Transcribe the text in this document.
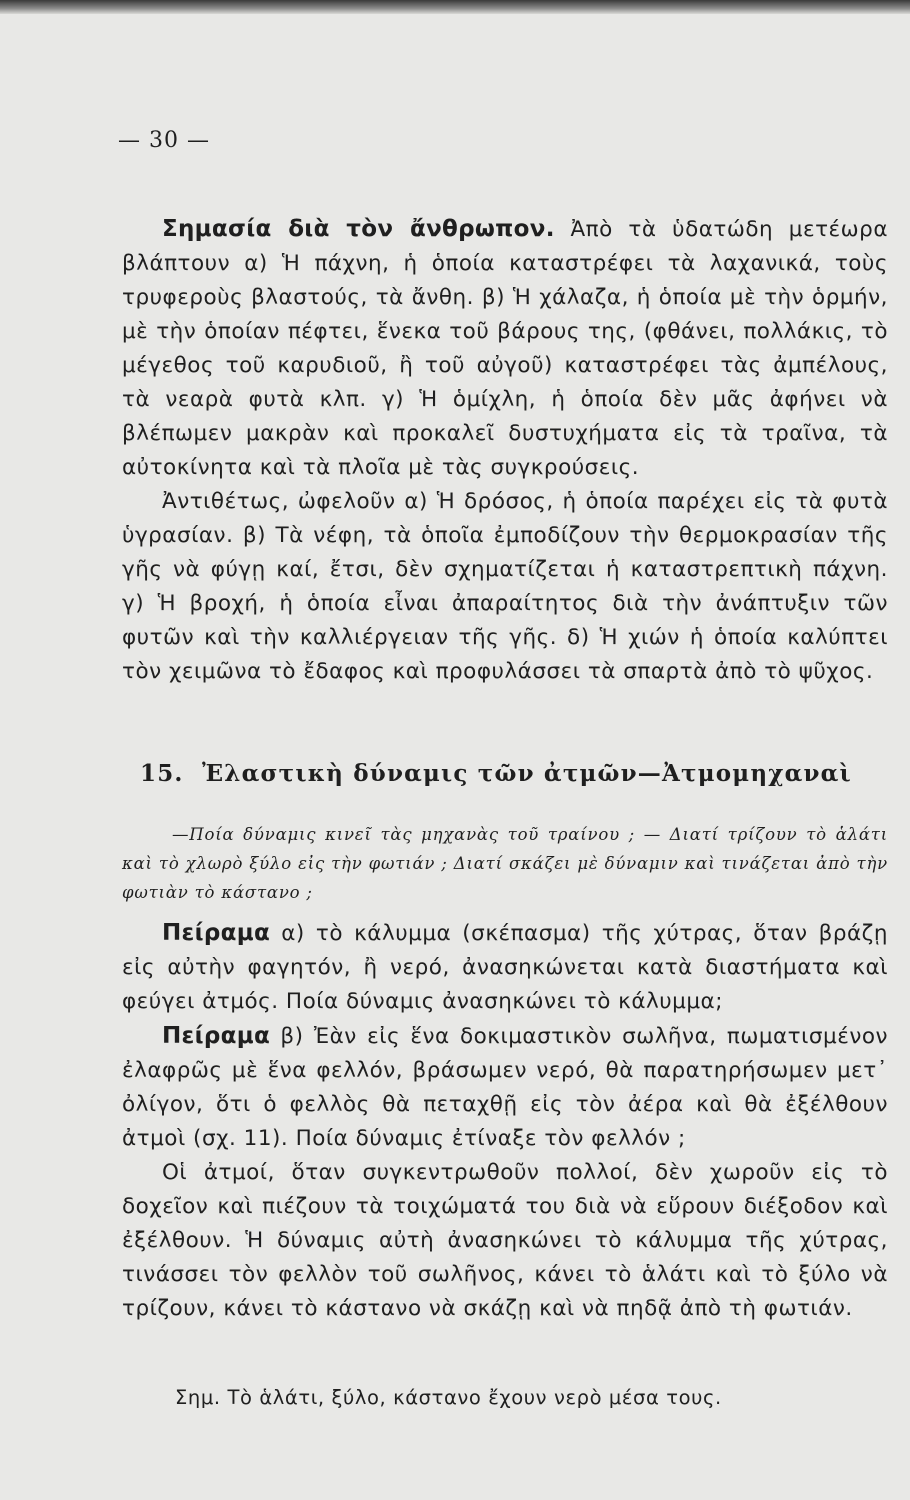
— 30 —

Σημασία διὰ τὸν ἄνθρωπον. Ἀπὸ τὰ ὑδατώδη μετέωρα βλάπτουν α) Ἡ πάχνη, ἡ ὁποία καταστρέφει τὰ λαχανικά, τοὺς τρυφεροὺς βλαστούς, τὰ ἄνθη. β) Ἡ χάλαζα, ἡ ὁποία μὲ τὴν ὁρμήν, μὲ τὴν ὁποίαν πέφτει, ἕνεκα τοῦ βάρους της, (φθάνει, πολλάκις, τὸ μέγεθος τοῦ καρυδιοῦ, ἢ τοῦ αὐγοῦ) καταστρέφει τὰς ἀμπέλους, τὰ νεαρὰ φυτὰ κλπ. γ) Ἡ ὁμίχλη, ἡ ὁποία δὲν μᾶς ἀφήνει νὰ βλέπωμεν μακρὰν καὶ προκαλεῖ δυστυχήματα εἰς τὰ τραῖνα, τὰ αὐτοκίνητα καὶ τὰ πλοῖα μὲ τὰς συγκρούσεις.

Ἀντιθέτως, ὠφελοῦν α) Ἡ δρόσος, ἡ ὁποία παρέχει εἰς τὰ φυτὰ ὑγρασίαν. β) Τὰ νέφη, τὰ ὁποῖα ἐμποδίζουν τὴν θερμοκρασίαν τῆς γῆς νὰ φύγῃ καί, ἔτσι, δὲν σχηματίζεται ἡ καταστρεπτικὴ πάχνη. γ) Ἡ βροχή, ἡ ὁποία εἶναι ἀπαραίτητος διὰ τὴν ἀνάπτυξιν τῶν φυτῶν καὶ τὴν καλλιέργειαν τῆς γῆς. δ) Ἡ χιών ἡ ὁποία καλύπτει τὸν χειμῶνα τὸ ἔδαφος καὶ προφυλάσσει τὰ σπαρτὰ ἀπὸ τὸ ψῦχος.

15. Ἐλαστικὴ δύναμις τῶν ἀτμῶν—Ἀτμομηχαναὶ

—Ποία δύναμις κινεῖ τὰς μηχανὰς τοῦ τραίνου ; — Διατί τρίζουν τὸ ἁλάτι καὶ τὸ χλωρὸ ξύλο εἰς τὴν φωτιάν ; Διατί σκάζει μὲ δύναμιν καὶ τινάζεται ἀπὸ τὴν φωτιὰν τὸ κάστανο ;

Πείραμα α) τὸ κάλυμμα (σκέπασμα) τῆς χύτρας, ὅταν βράζῃ εἰς αὐτὴν φαγητόν, ἢ νερό, ἀνασηκώνεται κατὰ διαστήματα καὶ φεύγει ἀτμός. Ποία δύναμις ἀνασηκώνει τὸ κάλυμμα;

Πείραμα β) Ἐὰν εἰς ἕνα δοκιμαστικὸν σωλῆνα, πωματισμένον ἐλαφρῶς μὲ ἕνα φελλόν, βράσωμεν νερό, θὰ παρατηρήσωμεν μετ᾽ ὀλίγον, ὅτι ὁ φελλὸς θὰ πεταχθῇ εἰς τὸν ἀέρα καὶ θὰ ἐξέλθουν ἀτμοὶ (σχ. 11). Ποία δύναμις ἐτίναξε τὸν φελλόν ;

Οἱ ἀτμοί, ὅταν συγκεντρωθοῦν πολλοί, δὲν χωροῦν εἰς τὸ δοχεῖον καὶ πιέζουν τὰ τοιχώματά του διὰ νὰ εὕρουν διέξοδον καὶ ἐξέλθουν. Ἡ δύναμις αὐτὴ ἀνασηκώνει τὸ κάλυμμα τῆς χύτρας, τινάσσει τὸν φελλὸν τοῦ σωλῆνος, κάνει τὸ ἁλάτι καὶ τὸ ξύλο νὰ τρίζουν, κάνει τὸ κάστανο νὰ σκάζῃ καὶ νὰ πηδᾷ ἀπὸ τὴ φωτιάν.

Σημ. Τὸ ἁλάτι, ξύλο, κάστανο ἔχουν νερὸ μέσα τους.
